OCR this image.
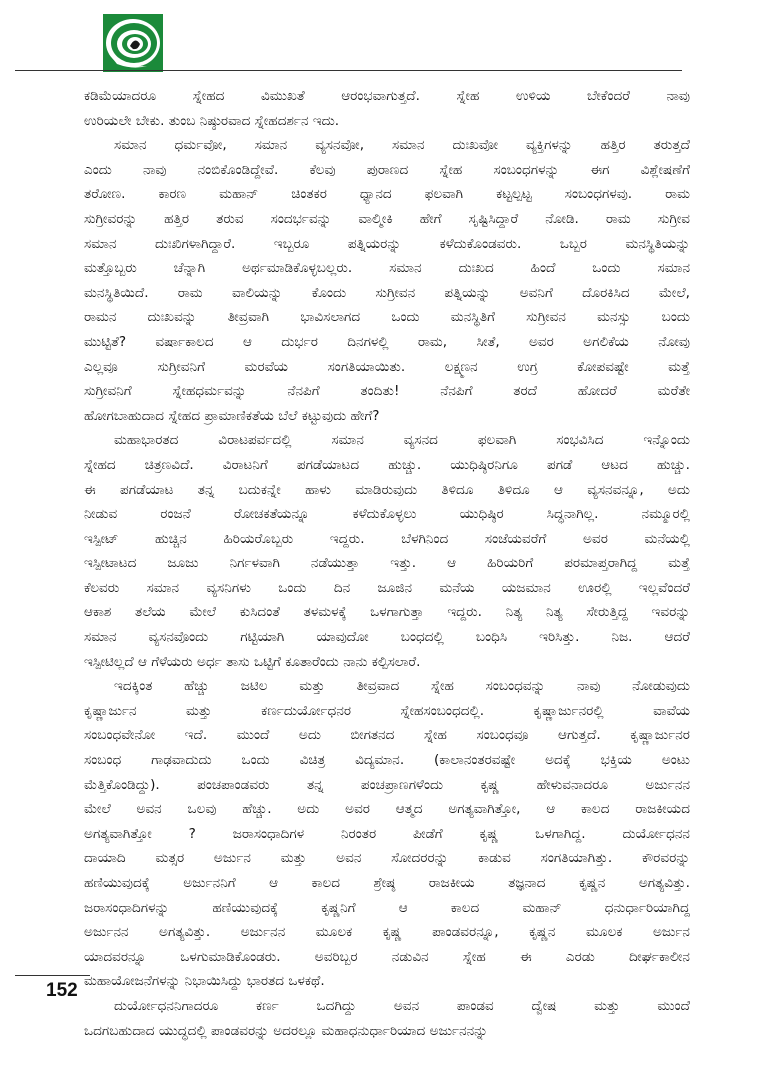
ಕಡಿಮೆಯಾದರೂ ಸ್ನೇಹದ ವಿಮುಖತೆ ಆರಂಭವಾಗುತ್ತದೆ. ಸ್ನೇಹ ಉಳಿಯ ಬೇಕೆಂದರೆ ನಾವು
ಉರಿಯಲೇ ಬೇಕು. ತುಂಬ ನಿಷ್ಠುರವಾದ ಸ್ನೇಹದರ್ಶನ ಇದು.
ಸಮಾನ ಧರ್ಮವೋ, ಸಮಾನ ವ್ಯಸನವೋ, ಸಮಾನ ದುಃಖವೋ ವ್ಯಕ್ತಿಗಳನ್ನು ಹತ್ತಿರ ತರುತ್ತದೆ
ಎಂದು ನಾವು ನಂಬಿಕೊಂಡಿದ್ದೇವೆ. ಕೆಲವು ಪುರಾಣದ ಸ್ನೇಹ ಸಂಬಂಧಗಳನ್ನು ಈಗ ವಿಶ್ಲೇಷಣೆಗೆ
ತರೋಣ. ಕಾರಣ ಮಹಾನ್ ಚಿಂತಕರ ಧ್ಯಾನದ ಫಲವಾಗಿ ಕಟ್ಟಲ್ಪಟ್ಟ ಸಂಬಂಧಗಳವು. ರಾಮ
ಸುಗ್ರೀವರನ್ನು ಹತ್ತಿರ ತರುವ ಸಂದರ್ಭವನ್ನು ವಾಲ್ಮೀಕಿ ಹೇಗೆ ಸೃಷ್ಟಿಸಿದ್ದಾರೆ ನೋಡಿ. ರಾಮ ಸುಗ್ರೀವ
ಸಮಾನ ದುಃಖಿಗಳಾಗಿದ್ದಾರೆ. ಇಬ್ಬರೂ ಪತ್ನಿಯರನ್ನು ಕಳೆದುಕೊಂಡವರು. ಒಬ್ಬರ ಮನಸ್ಥಿತಿಯನ್ನು
ಮತ್ತೊಬ್ಬರು ಚೆನ್ನಾಗಿ ಅರ್ಥಮಾಡಿಕೊಳ್ಳಬಲ್ಲರು. ಸಮಾನ ದುಃಖದ ಹಿಂದೆ ಒಂದು ಸಮಾನ
ಮನಸ್ಥಿತಿಯಿದೆ. ರಾಮ ವಾಲಿಯನ್ನು ಕೊಂದು ಸುಗ್ರೀವನ ಪತ್ನಿಯನ್ನು ಅವನಿಗೆ ದೊರಕಿಸಿದ ಮೇಲೆ,
ರಾಮನ ದುಃಖವನ್ನು ತೀವ್ರವಾಗಿ ಭಾವಿಸಲಾಗದ ಒಂದು ಮನಸ್ಥಿತಿಗೆ ಸುಗ್ರೀವನ ಮನಸ್ಸು ಬಂದು
ಮುಟ್ಟಿತೆ? ವರ್ಷಾಕಾಲದ ಆ ದುರ್ಭರ ದಿನಗಳಲ್ಲಿ ರಾಮ, ಸೀತೆ, ಅವರ ಅಗಲಿಕೆಯ ನೋವು
ಎಲ್ಲವೂ ಸುಗ್ರೀವನಿಗೆ ಮರವೆಯ ಸಂಗತಿಯಾಯಿತು. ಲಕ್ಷ್ಮಣನ ಉಗ್ರ ಕೋಪವಷ್ಟೇ ಮತ್ತೆ
ಸುಗ್ರೀವನಿಗೆ ಸ್ನೇಹಧರ್ಮವನ್ನು ನೆನಪಿಗೆ ತಂದಿತು! ನೆನಪಿಗೆ ತರದೆ ಹೋದರೆ ಮರೆತೇ
ಹೋಗಬಾಹುದಾದ ಸ್ನೇಹದ ಪ್ರಾಮಾಣಿಕತೆಯ ಬೆಲೆ ಕಟ್ಟುವುದು ಹೇಗೆ?
ಮಹಾಭಾರತದ ವಿರಾಟಪರ್ವದಲ್ಲಿ ಸಮಾನ ವ್ಯಸನದ ಫಲವಾಗಿ ಸಂಭವಿಸಿದ ಇನ್ನೊಂದು
ಸ್ನೇಹದ ಚಿತ್ರಣವಿದೆ. ವಿರಾಟನಿಗೆ ಪಗಡೆಯಾಟದ ಹುಚ್ಚು. ಯುಧಿಷ್ಠಿರನಿಗೂ ಪಗಡೆ ಆಟದ ಹುಚ್ಚು.
ಈ ಪಗಡೆಯಾಟ ತನ್ನ ಬದುಕನ್ನೇ ಹಾಳು ಮಾಡಿರುವುದು ತಿಳಿದೂ ತಿಳಿದೂ ಆ ವ್ಯಸನವನ್ನೂ, ಅದು
ನೀಡುವ ರಂಜನೆ ರೋಚಕತೆಯನ್ನೂ ಕಳೆದುಕೊಳ್ಳಲು ಯುಧಿಷ್ಠಿರ ಸಿದ್ಧನಾಗಿಲ್ಲ. ನಮ್ಮೂರಲ್ಲಿ
ಇಸ್ಪೀಟ್ ಹುಚ್ಚಿನ ಹಿರಿಯರೊಬ್ಬರು ಇದ್ದರು. ಬೆಳಗಿನಿಂದ ಸಂಜೆಯವರೆಗೆ ಅವರ ಮನೆಯಲ್ಲಿ
ಇಸ್ಪೀಟಾಟದ ಜೂಜು ನಿರ್ಗಳವಾಗಿ ನಡೆಯುತ್ತಾ ಇತ್ತು. ಆ ಹಿರಿಯರಿಗೆ ಪರಮಾಪ್ತರಾಗಿದ್ದ ಮತ್ತೆ
ಕೆಲವರು ಸಮಾನ ವ್ಯಸನಿಗಳು ಒಂದು ದಿನ ಜೂಜಿನ ಮನೆಯ ಯಜಮಾನ ಊರಲ್ಲಿ ಇಲ್ಲವೆಂದರೆ
ಆಕಾಶ ತಲೆಯ ಮೇಲೆ ಕುಸಿದಂತೆ ತಳಮಳಕ್ಕೆ ಒಳಗಾಗುತ್ತಾ ಇದ್ದರು. ನಿತ್ಯ ನಿತ್ಯ ಸೇರುತ್ತಿದ್ದ ಇವರನ್ನು
ಸಮಾನ ವ್ಯಸನವೊಂದು ಗಟ್ಟಿಯಾಗಿ ಯಾವುದೋ ಬಂಧದಲ್ಲಿ ಬಂಧಿಸಿ ಇರಿಸಿತ್ತು. ನಿಜ. ಆದರೆ
ಇಸ್ಪೀಟಿಲ್ಲದೆ ಆ ಗೆಳೆಯರು ಅರ್ಧ ತಾಸು ಒಟ್ಟಿಗೆ ಕೂತಾರೆಂದು ನಾನು ಕಲ್ಪಿಸಲಾರೆ.
ಇದಕ್ಕಿಂತ ಹೆಚ್ಚು ಜಟಿಲ ಮತ್ತು ತೀವ್ರವಾದ ಸ್ನೇಹ ಸಂಬಂಧವನ್ನು ನಾವು ನೋಡುವುದು
ಕೃಷ್ಣಾರ್ಜುನ ಮತ್ತು ಕರ್ಣದುರ್ಯೋಧನರ ಸ್ನೇಹಸಂಬಂಧದಲ್ಲಿ. ಕೃಷ್ಣಾರ್ಜುನರಲ್ಲಿ ವಾವೆಯ
ಸಂಬಂಧವೇನೋ ಇದೆ. ಮುಂದೆ ಅದು ಬೀಗತನದ ಸ್ನೇಹ ಸಂಬಂಧವೂ ಆಗುತ್ತದೆ. ಕೃಷ್ಣಾರ್ಜುನರ
ಸಂಬಂಧ ಗಾಢವಾದುದು ಒಂದು ವಿಚಿತ್ರ ವಿದ್ಯಮಾನ. (ಕಾಲಾನಂತರವಷ್ಟೇ ಅದಕ್ಕೆ ಭಕ್ತಿಯ ಅಂಟು
ಮೆತ್ತಿಕೊಂಡಿದ್ದು). ಪಂಚಪಾಂಡವರು ತನ್ನ ಪಂಚಪ್ರಾಣಗಳೆಂದು ಕೃಷ್ಣ ಹೇಳುವನಾದರೂ ಅರ್ಜುನನ
ಮೇಲೆ ಅವನ ಒಲವು ಹೆಚ್ಚು. ಅದು ಅವರ ಆತ್ಮದ ಅಗತ್ಯವಾಗಿತ್ತೋ, ಆ ಕಾಲದ ರಾಜಕೀಯದ
ಅಗತ್ಯವಾಗಿತ್ತೋ ? ಜರಾಸಂಧಾದಿಗಳ ನಿರಂತರ ಪೀಡೆಗೆ ಕೃಷ್ಣ ಒಳಗಾಗಿದ್ದ. ದುರ್ಯೋಧನನ
ದಾಯಾದಿ ಮತ್ಸರ ಅರ್ಜುನ ಮತ್ತು ಅವನ ಸೋದರರನ್ನು ಕಾಡುವ ಸಂಗತಿಯಾಗಿತ್ತು. ಕೌರವರನ್ನು
ಹಣಿಯುವುದಕ್ಕೆ ಅರ್ಜುನನಿಗೆ ಆ ಕಾಲದ ಶ್ರೇಷ್ಠ ರಾಜಕೀಯ ತಜ್ಞನಾದ ಕೃಷ್ಣನ ಅಗತ್ಯವಿತ್ತು.
ಜರಾಸಂಧಾದಿಗಳನ್ನು ಹಣಿಯುವುದಕ್ಕೆ ಕೃಷ್ಣನಿಗೆ ಆ ಕಾಲದ ಮಹಾನ್ ಧನುರ್ಧಾರಿಯಾಗಿದ್ದ
ಅರ್ಜುನನ ಅಗತ್ಯವಿತ್ತು. ಅರ್ಜುನನ ಮೂಲಕ ಕೃಷ್ಣ ಪಾಂಡವರನ್ನೂ, ಕೃಷ್ಣನ ಮೂಲಕ ಅರ್ಜುನ
ಯಾದವರನ್ನೂ ಒಳಗುಮಾಡಿಕೊಂಡರು. ಅವರಿಬ್ಬರ ನಡುವಿನ ಸ್ನೇಹ ಈ ಎರಡು ದೀರ್ಘಕಾಲೀನ
ಮಹಾಯೋಜನೆಗಳನ್ನು ನಿಭಾಯಿಸಿದ್ದು ಭಾರತದ ಒಳಕಥೆ.
ದುರ್ಯೋಧನನಿಗಾದರೂ ಕರ್ಣ ಒದಗಿದ್ದು ಅವನ ಪಾಂಡವ ದ್ವೇಷ ಮತ್ತು ಮುಂದೆ
ಒದಗಬಹುದಾದ ಯುದ್ಧದಲ್ಲಿ ಪಾಂಡವರನ್ನು ಅದರಲ್ಲೂ ಮಹಾಧನುರ್ಧಾರಿಯಾದ ಅರ್ಜುನನನ್ನು
152
